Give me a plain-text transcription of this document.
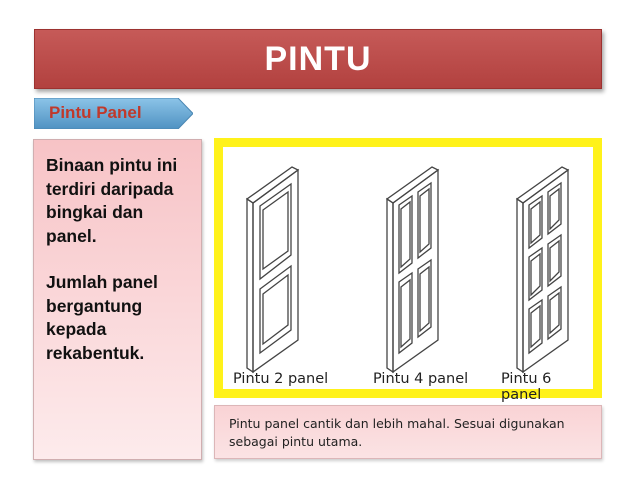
PINTU
Pintu Panel

Binaan pintu ini terdiri daripada bingkai dan panel.

Jumlah panel bergantung kepada rekabentuk.

Pintu 2 panel	Pintu 4 panel Pintu 6 panel
Pintu panel cantik dan lebih mahal. Sesuai digunakan sebagai pintu utama.
